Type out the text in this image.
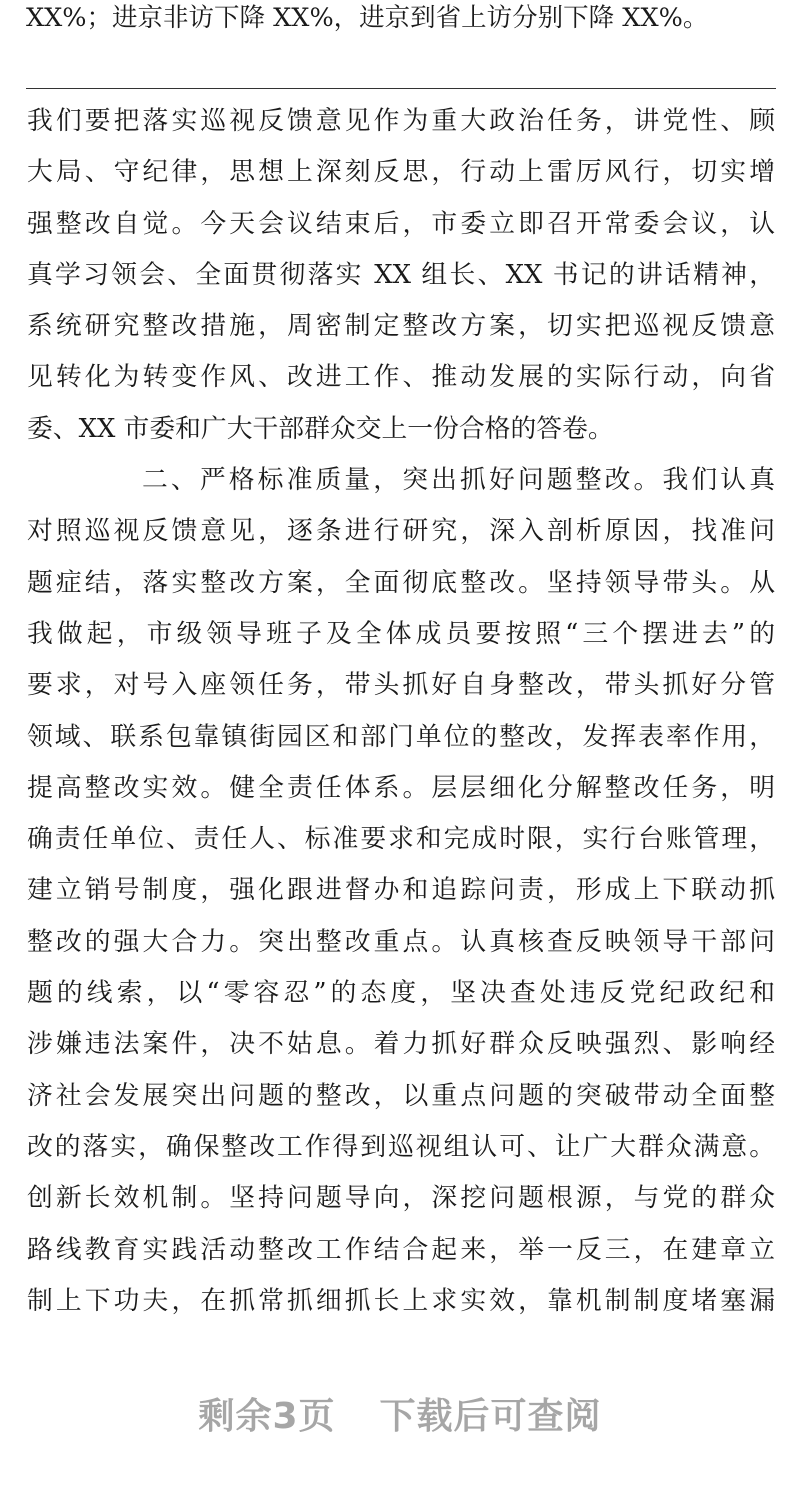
XX%；进京非访下降 XX%，进京到省上访分别下降 XX%。

我们要把落实巡视反馈意见作为重大政治任务，讲党性、顾
大局、守纪律，思想上深刻反思，行动上雷厉风行，切实增
强整改自觉。今天会议结束后，市委立即召开常委会议，认
真学习领会、全面贯彻落实 XX 组长、XX 书记的讲话精神，
系统研究整改措施，周密制定整改方案，切实把巡视反馈意
见转化为转变作风、改进工作、推动发展的实际行动，向省
委、XX 市委和广大干部群众交上一份合格的答卷。
二、严格标准质量，突出抓好问题整改。我们认真
对照巡视反馈意见，逐条进行研究，深入剖析原因，找准问
题症结，落实整改方案，全面彻底整改。坚持领导带头。从
我做起，市级领导班子及全体成员要按照“三个摆进去”的
要求，对号入座领任务，带头抓好自身整改，带头抓好分管
领域、联系包靠镇街园区和部门单位的整改，发挥表率作用，
提高整改实效。健全责任体系。层层细化分解整改任务，明
确责任单位、责任人、标准要求和完成时限，实行台账管理，
建立销号制度，强化跟进督办和追踪问责，形成上下联动抓
整改的强大合力。突出整改重点。认真核查反映领导干部问
题的线索，以“零容忍”的态度，坚决查处违反党纪政纪和
涉嫌违法案件，决不姑息。着力抓好群众反映强烈、影响经
济社会发展突出问题的整改，以重点问题的突破带动全面整
改的落实，确保整改工作得到巡视组认可、让广大群众满意。
创新长效机制。坚持问题导向，深挖问题根源，与党的群众
路线教育实践活动整改工作结合起来，举一反三，在建章立
制上下功夫，在抓常抓细抓长上求实效，靠机制制度堵塞漏
剩余3页 下载后可查阅
